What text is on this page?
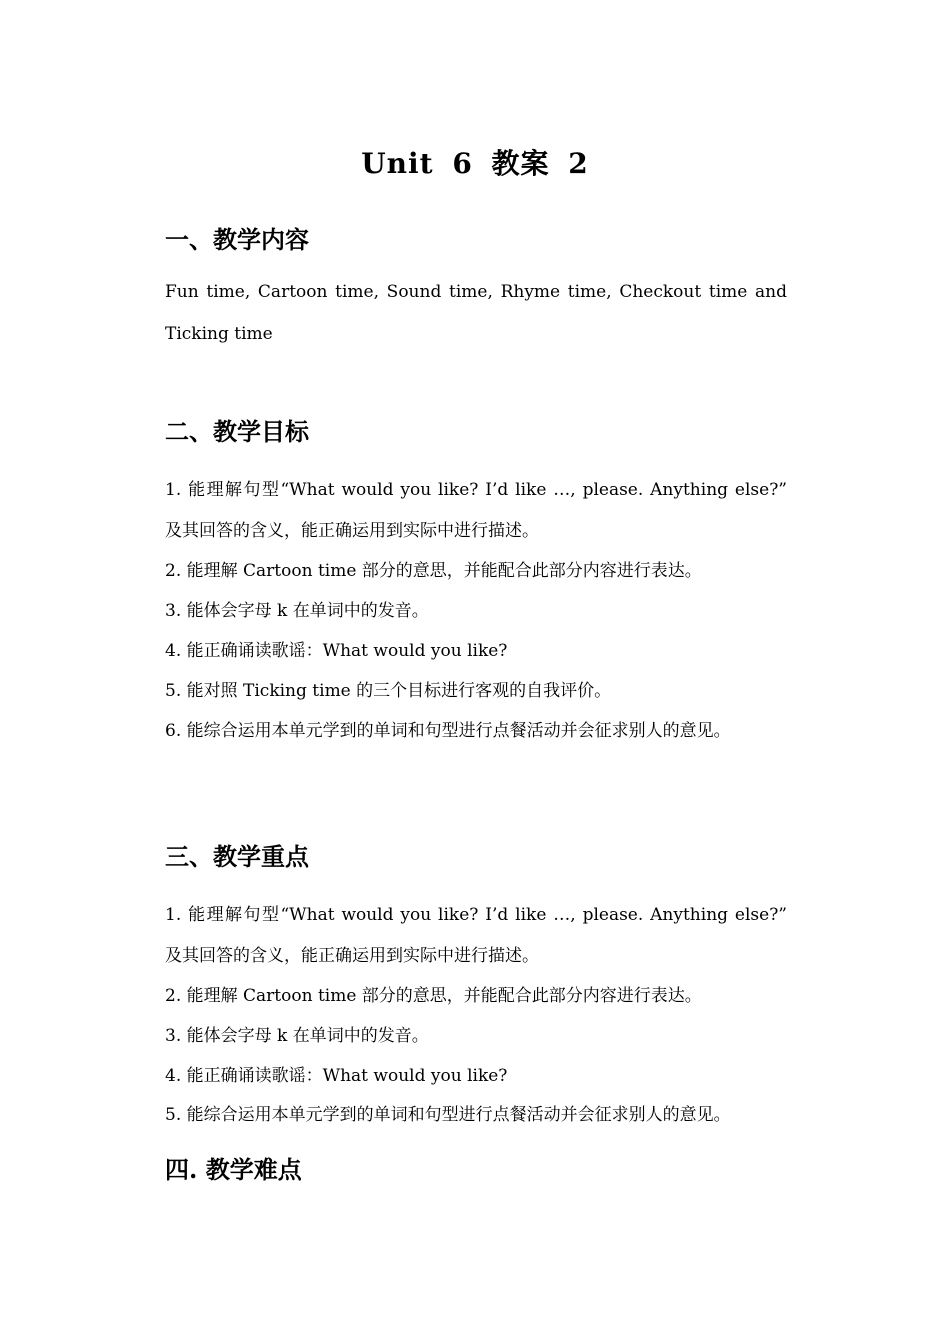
Unit 6 教案 2
一、教学内容
Fun time, Cartoon time, Sound time, Rhyme time, Checkout time and
Ticking time
二、教学目标
1. 能理解句型“What would you like? I’d like …, please. Anything else?”
及其回答的含义，能正确运用到实际中进行描述。
2. 能理解 Cartoon time 部分的意思，并能配合此部分内容进行表达。
3. 能体会字母 k 在单词中的发音。
4. 能正确诵读歌谣：What would you like?
5. 能对照 Ticking time 的三个目标进行客观的自我评价。
6. 能综合运用本单元学到的单词和句型进行点餐活动并会征求别人的意见。
三、教学重点
1. 能理解句型“What would you like? I’d like …, please. Anything else?”
及其回答的含义，能正确运用到实际中进行描述。
2. 能理解 Cartoon time 部分的意思，并能配合此部分内容进行表达。
3. 能体会字母 k 在单词中的发音。
4. 能正确诵读歌谣：What would you like?
5. 能综合运用本单元学到的单词和句型进行点餐活动并会征求别人的意见。
四. 教学难点
